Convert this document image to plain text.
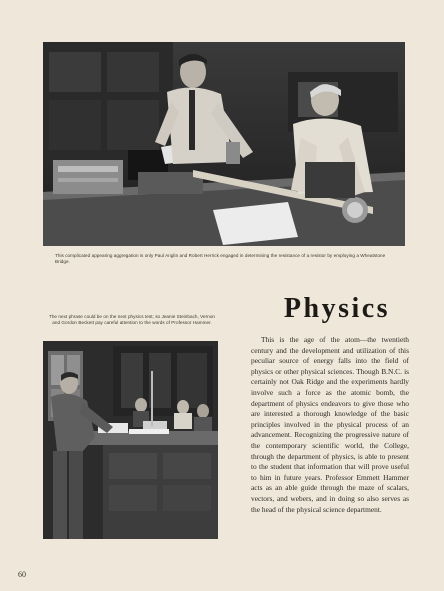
This complicated appearing aggregation is only Paul Anglin and Robert Herrick engaged in determining the resistance of a resistor by employing a Wheatstone Bridge.
The next phrase could be on the next physics test; so Jeanie Steinbach, Vernon and Gordon Beckett pay careful attention to the words of Professor Hammer.	Physics
This is the age of the atom—the twentieth century and the development and utilization of this peculiar source of energy falls into the field of physics or other physical sciences. Though B.N.C. is certainly not Oak Ridge and the experiments hardly involve such a force as the atomic bomb, the department of physics endeavors to give those who are interested a thorough knowledge of the basic principles involved in the physical process of an advancement. Recognizing the progressive nature of the contemporary scientific world, the College, through the department of physics, is able to present to the student that information that will prove useful to him in future years. Professor Emmett Hammer acts as an able guide through the maze of scalars, vectors, and webers, and in doing so also serves as the head of the physical science department.
60
